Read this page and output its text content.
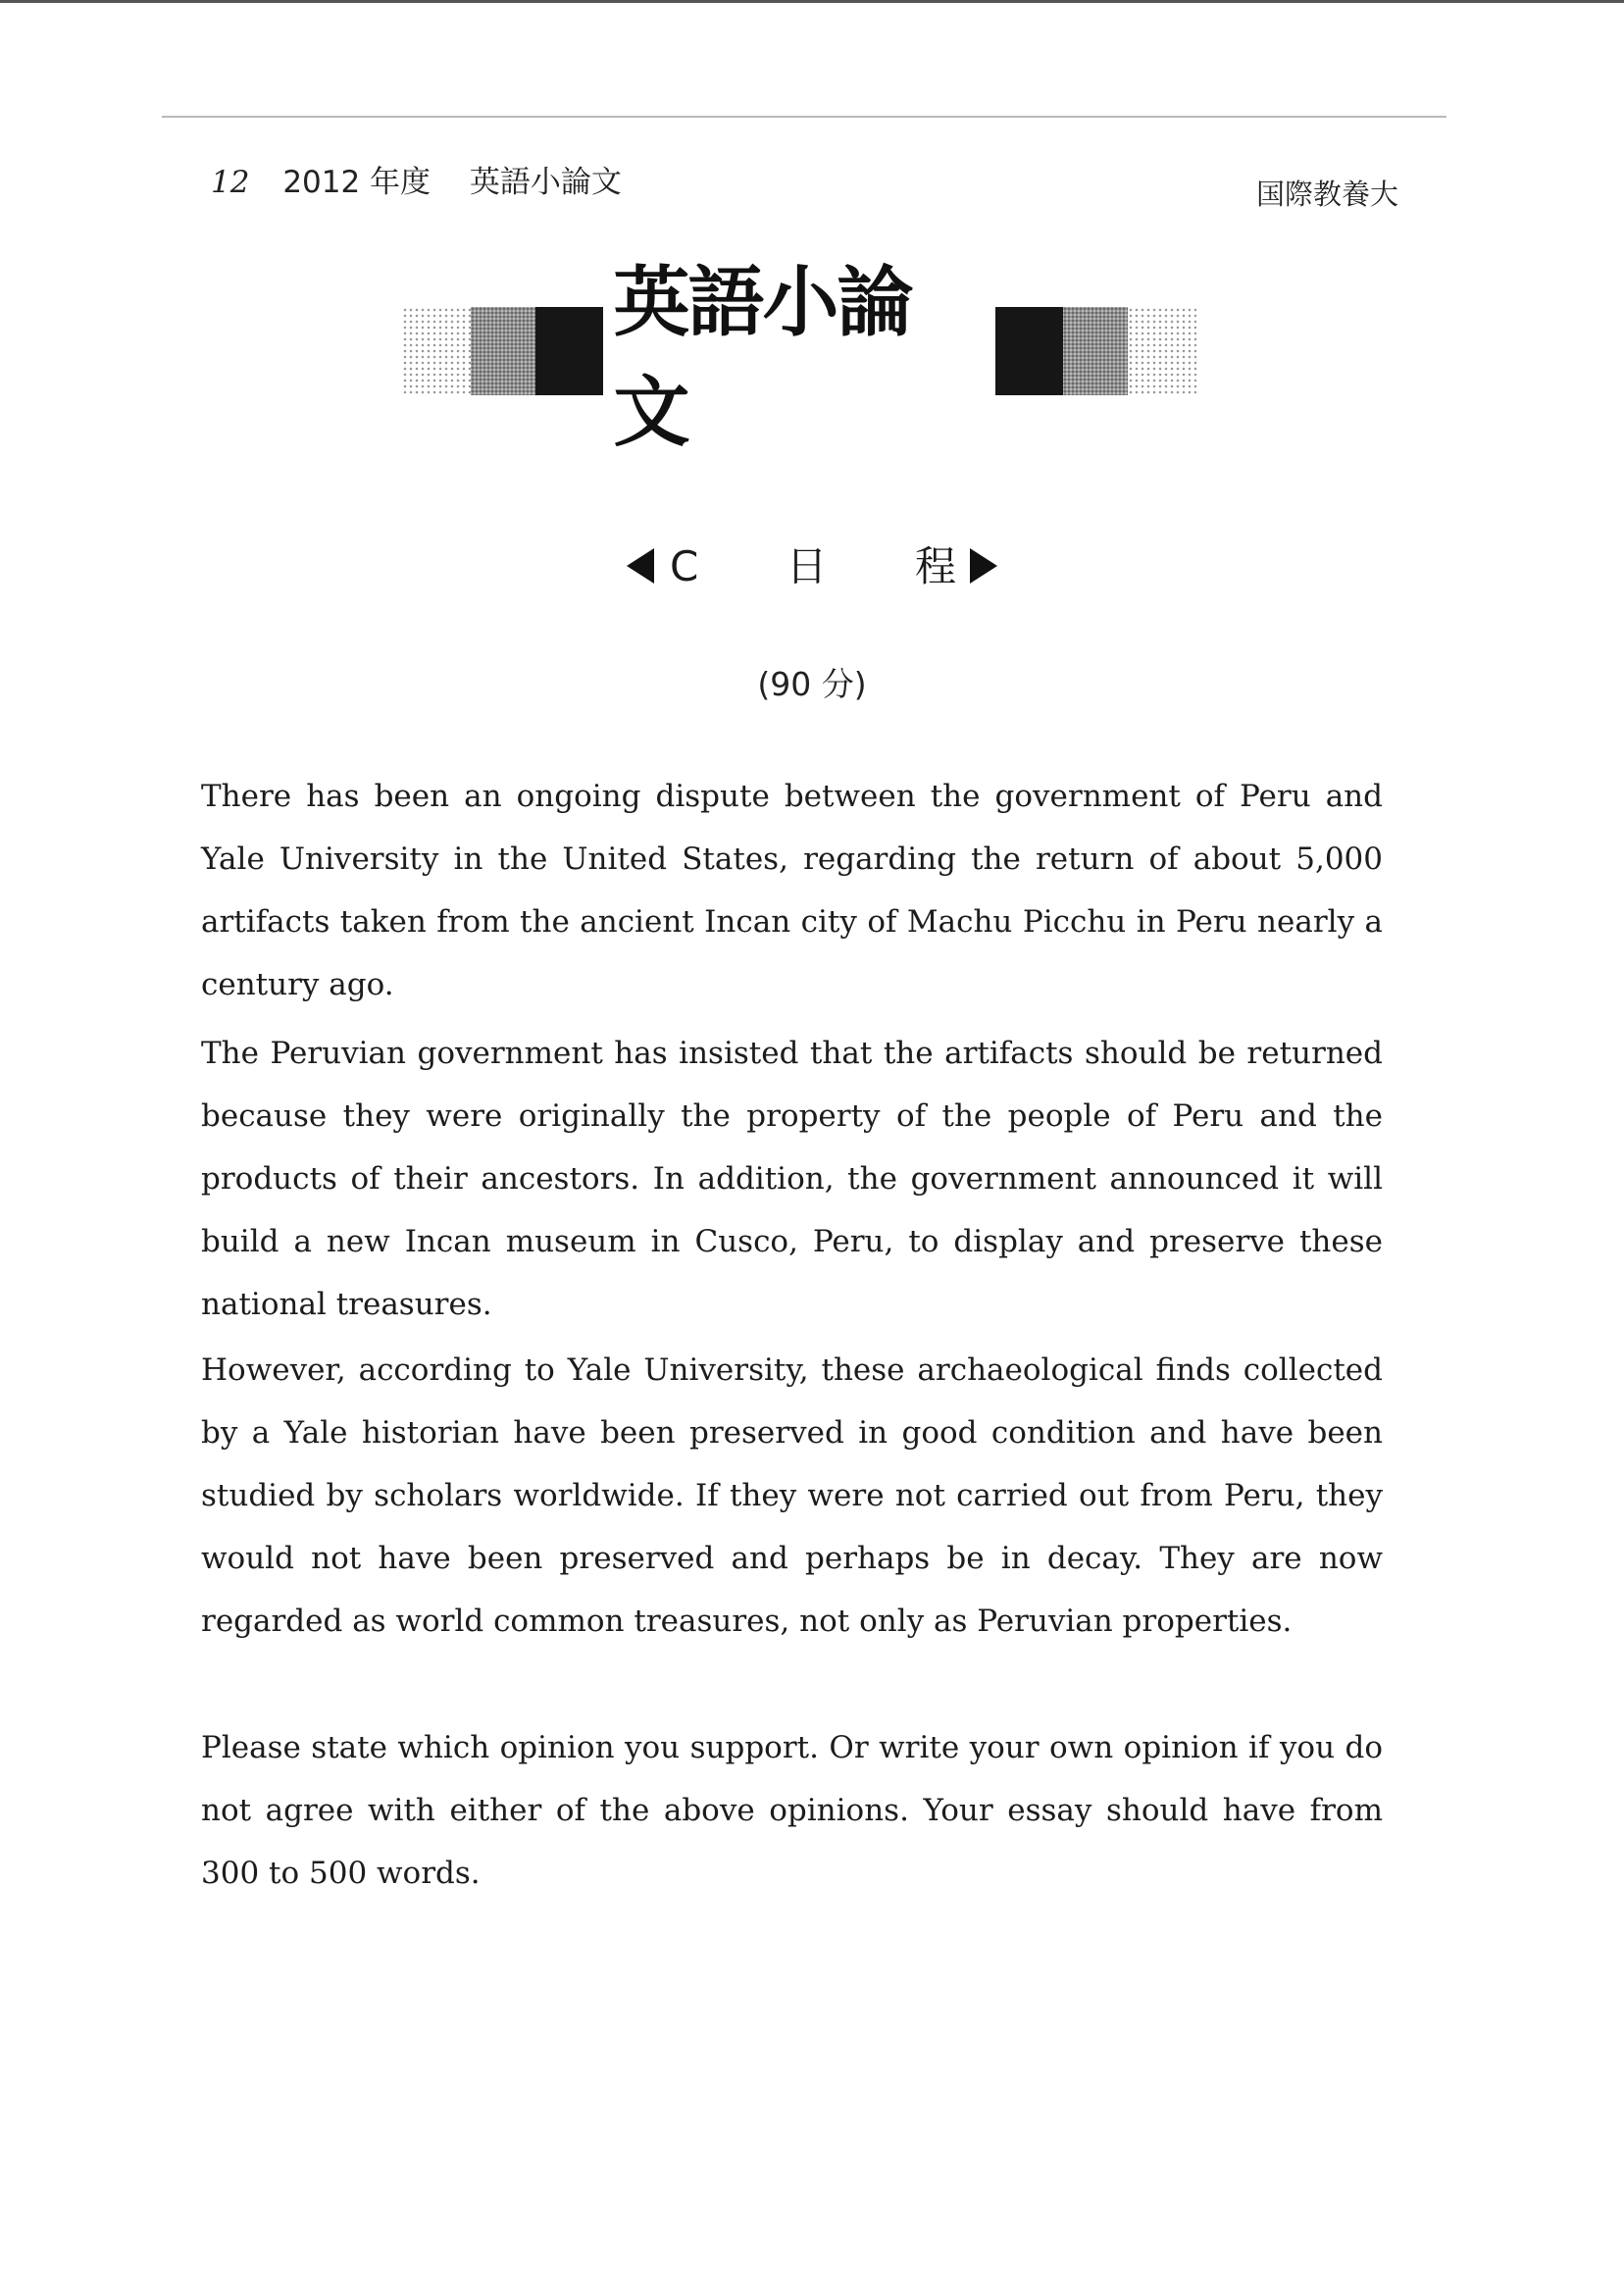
12 2012 年度 英語小論文	国際教養大
英語小論文
C 日 程
(90 分)
There has been an ongoing dispute between the government of Peru and Yale University in the United States, regarding the return of about 5,000 artifacts taken from the ancient Incan city of Machu Picchu in Peru nearly a century ago.
The Peruvian government has insisted that the artifacts should be returned because they were originally the property of the people of Peru and the products of their ancestors. In addition, the government announced it will build a new Incan museum in Cusco, Peru, to display and preserve these national treasures.
However, according to Yale University, these archaeological finds collected by a Yale historian have been preserved in good condition and have been studied by scholars worldwide. If they were not carried out from Peru, they would not have been preserved and perhaps be in decay. They are now regarded as world common treasures, not only as Peruvian properties.
Please state which opinion you support. Or write your own opinion if you do not agree with either of the above opinions. Your essay should have from 300 to 500 words.
